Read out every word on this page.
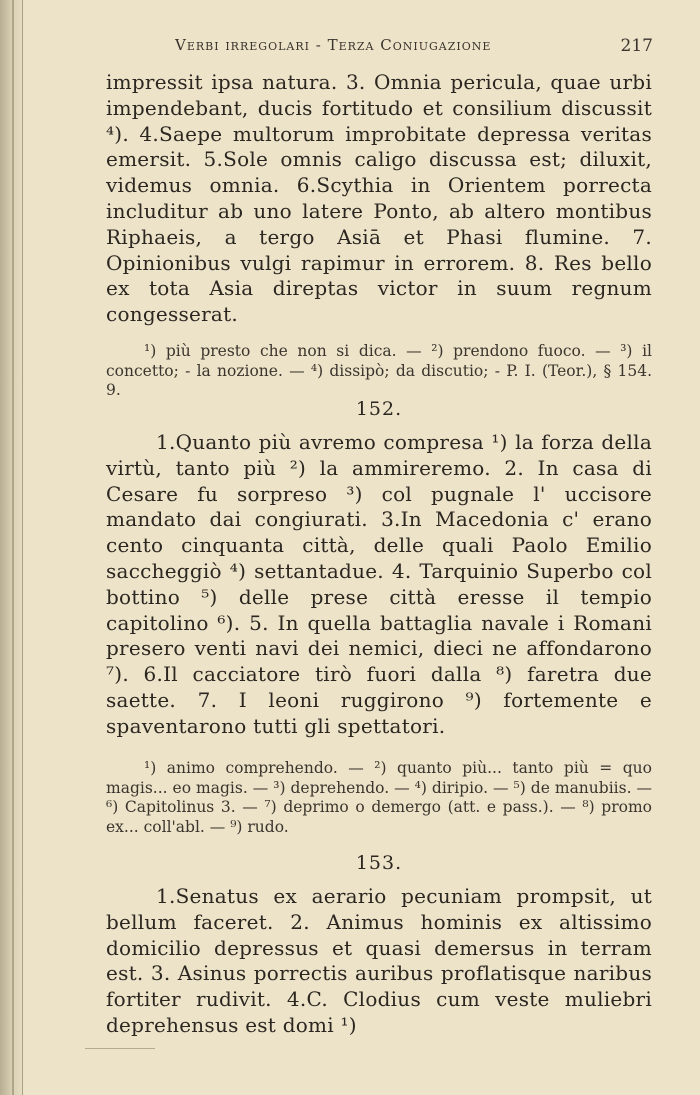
Verbi irregolari - Terza Coniugazione	217

impressit ipsa natura. 3. Omnia pericula, quae urbi impendebant, ducis fortitudo et consilium discussit ⁴). 4.Saepe multorum improbitate depressa veritas emersit. 5.Sole omnis caligo discussa est; diluxit, videmus omnia. 6.Scythia in Orientem porrecta includitur ab uno latere Ponto, ab altero montibus Riphaeis, a tergo Asiā et Phasi flumine. 7. Opinionibus vulgi rapimur in errorem. 8. Res bello ex tota Asia direptas victor in suum regnum congesserat.

¹) più presto che non si dica. — ²) prendono fuoco. — ³) il concetto; - la nozione. — ⁴) dissipò; da discutio; - P. I. (Teor.), § 154. 9.

152.

1.Quanto più avremo compresa ¹) la forza della virtù, tanto più ²) la ammireremo. 2. In casa di Cesare fu sorpreso ³) col pugnale l' uccisore mandato dai congiurati. 3.In Macedonia c' erano cento cinquanta città, delle quali Paolo Emilio saccheggiò ⁴) settantadue. 4. Tarquinio Superbo col bottino ⁵) delle prese città eresse il tempio capitolino ⁶). 5. In quella battaglia navale i Romani presero venti navi dei nemici, dieci ne affondarono ⁷). 6.Il cacciatore tirò fuori dalla ⁸) faretra due saette. 7. I leoni ruggirono ⁹) fortemente e spaventarono tutti gli spettatori.

¹) animo comprehendo. — ²) quanto più... tanto più = quo magis... eo magis. — ³) deprehendo. — ⁴) diripio. — ⁵) de manubiis. — ⁶) Capitolinus 3. — ⁷) deprimo o demergo (att. e pass.). — ⁸) promo ex... coll'abl. — ⁹) rudo.

153.

1.Senatus ex aerario pecuniam prompsit, ut bellum faceret. 2. Animus hominis ex altissimo domicilio depressus et quasi demersus in terram est. 3. Asinus porrectis auribus proflatisque naribus fortiter rudivit. 4.C. Clodius cum veste muliebri deprehensus est domi ¹)
